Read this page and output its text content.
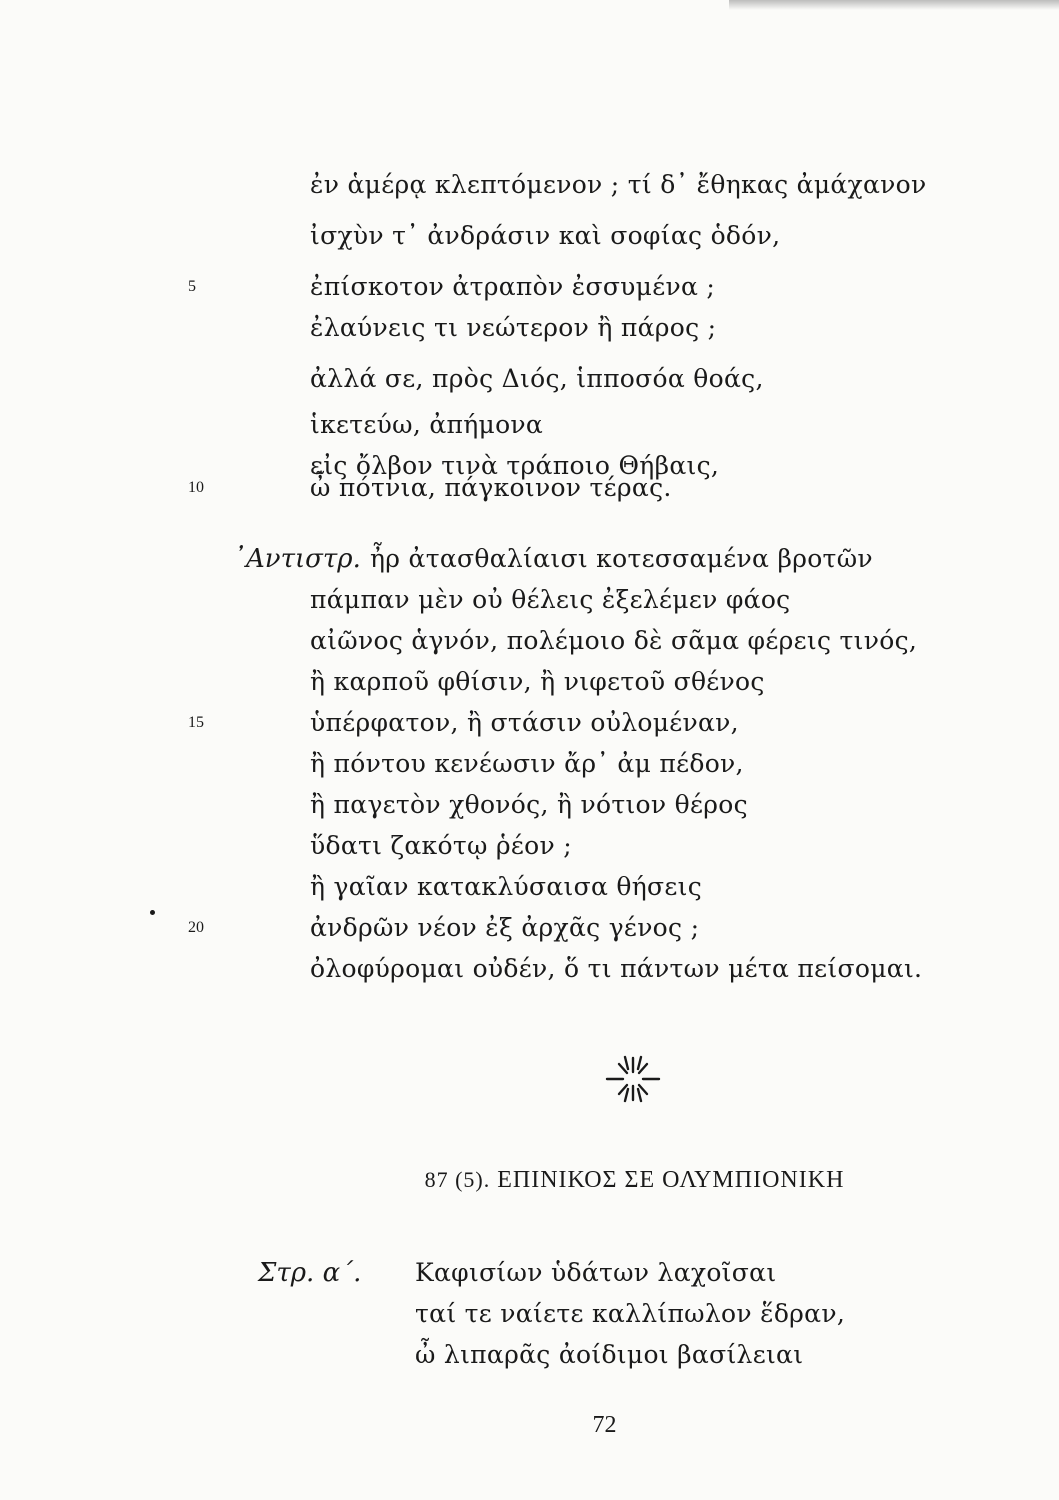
ἐν ἁμέρᾳ κλεπτόμενον ; τί δ᾽ ἔθηκας ἀμάχανον
ἰσχὺν τ᾽ ἀνδράσιν καὶ σοφίας ὁδόν,
5	ἐπίσκοτον ἀτραπὸν ἐσσυμένα ;
ἐλαύνεις τι νεώτερον ἢ πάρος ;
ἀλλά σε, πρὸς Διός, ἱπποσόα θοάς,
ἱκετεύω, ἀπήμονα
εἰς ὄλβον τινὰ τράποιο Θήβαις,
10	ὦ πότνια, πάγκοινον τέρας.
᾽Αντιστρ. ἦρ ἀτασθαλίαισι κοτεσσαμένα βροτῶν
πάμπαν μὲν οὐ θέλεις ἐξελέμεν φάος
αἰῶνος ἁγνόν, πολέμοιο δὲ σᾶμα φέρεις τινός,
ἢ καρποῦ φθίσιν, ἢ νιφετοῦ σθένος
15	ὑπέρφατον, ἢ στάσιν οὐλομέναν,
ἢ πόντου κενέωσιν ἄρ᾽ ἀμ πέδον,
ἢ παγετὸν χθονός, ἢ νότιον θέρος
ὕδατι ζακότῳ ῥέον ;
ἢ γαῖαν κατακλύσαισα θήσεις
20	ἀνδρῶν νέον ἐξ ἀρχᾶς γένος ;
ὀλοφύρομαι οὐδέν, ὅ τι πάντων μέτα πείσομαι.
87 (5). ΕΠΙΝΙΚΟΣ ΣΕ ΟΛΥΜΠΙΟΝΙΚΗ
Στρ. α΄. Καφισίων ὑδάτων λαχοῖσαι
ταί τε ναίετε καλλίπωλον ἕδραν,
ὦ λιπαρᾶς ἀοίδιμοι βασίλειαι
72
